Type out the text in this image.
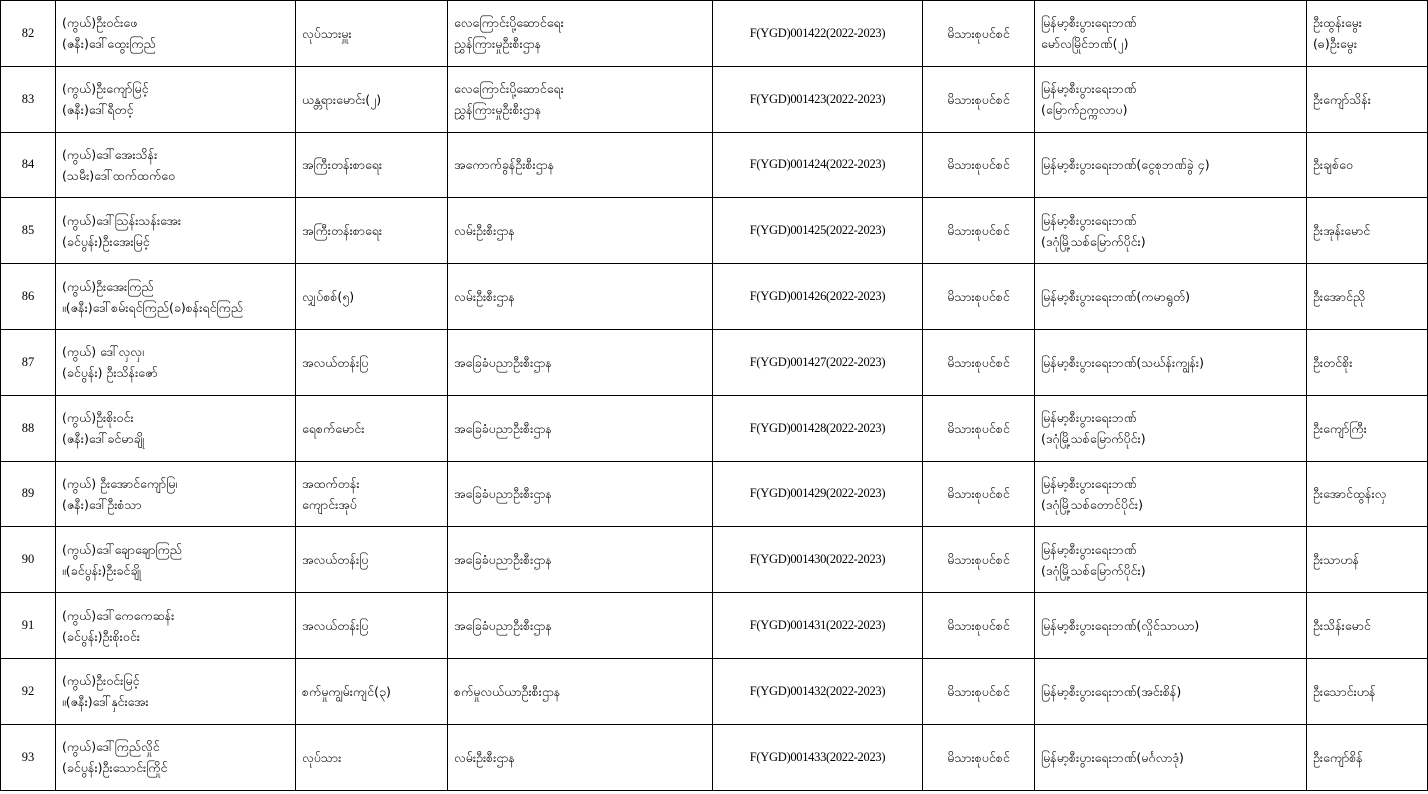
82	(ကွယ်)ဦးဝင်းဖေ
(ဇနီး)ဒေါ်ထွေးကြည်	လုပ်သားမှူး	လေကြောင်းပို့ဆောင်ရေး
ညွှန်ကြားမှုဦးစီးဌာန	F(YGD)001422(2022-2023)	မိသားစုပင်စင်	မြန်မာ့စီးပွားရေးဘဏ်
မော်လမြိုင်ဘဏ်(၂)	ဦးထွန်းမွေး
(ဓ)ဦးမွေး

83	(ကွယ်)ဦးကျော်မြင့်
(ဇနီး)ဒေါ်ရီတင့်	ယန္တရားမောင်း(၂)	လေကြောင်းပို့ဆောင်ရေး
ညွှန်ကြားမှုဦးစီးဌာန	F(YGD)001423(2022-2023)	မိသားစုပင်စင်	မြန်မာ့စီးပွားရေးဘဏ်
(မြောက်ဥက္ကလာပ)	ဦးကျော်သိန်း

84	(ကွယ်)ဒေါ်အေးသိန်း
(သမီး)ဒေါ်ထက်ထက်ဝေ	အကြီးတန်းစာရေး	အကောက်ခွန်ဦးစီးဌာန	F(YGD)001424(2022-2023)	မိသားစုပင်စင်	မြန်မာ့စီးပွားရေးဘဏ်(ငွေစုဘဏ်ခွဲ ၄)	ဦးချစ်ဝေ

85	(ကွယ်)ဒေါ်သြန်းသန်းအေး
(ခင်ပွန်း)ဦးအေးမြင့်	အကြီးတန်းစာရေး	လမ်းဦးစီးဌာန	F(YGD)001425(2022-2023)	မိသားစုပင်စင်	မြန်မာ့စီးပွားရေးဘဏ်
(ဒဂုံမြို့သစ်မြောက်ပိုင်း)	ဦးအုန်းမောင်

86	(ကွယ်)ဦးအေးကြည်
။(ဇနီး)ဒေါ်စမ်းရင်ကြည်(ခ)စန်းရင်ကြည်	လျှပ်စစ်(၅)	လမ်းဦးစီးဌာန	F(YGD)001426(2022-2023)	မိသားစုပင်စင်	မြန်မာ့စီးပွားရေးဘဏ်(ကမာရွတ်)	ဦးအောင်ညို

87	(ကွယ်) ဒေါ်လှလှ၊
(ခင်ပွန်း) ဦးသိန်းဇော်	အလယ်တန်းပြ	အခြေခံပညာဦးစီးဌာန	F(YGD)001427(2022-2023)	မိသားစုပင်စင်	မြန်မာ့စီးပွားရေးဘဏ်(သဃ်န်းကျွန်း)	ဦးတင်စိုး

88	(ကွယ်)ဦးစိုးဝင်း
(ဇနီး)ဒေါ်ခင်မာချို	ရေစက်မောင်း	အခြေခံပညာဦးစီးဌာန	F(YGD)001428(2022-2023)	မိသားစုပင်စင်	မြန်မာ့စီးပွားရေးဘဏ်
(ဒဂုံမြို့သစ်မြောက်ပိုင်း)	ဦးကျော်ကြီး

89	(ကွယ်) ဦးအောင်ကျော်မြ၊
(ဇနီး)ဒေါ်ဦးစံသာ	အထက်တန်း
ကျောင်းအုပ်	အခြေခံပညာဦးစီးဌာန	F(YGD)001429(2022-2023)	မိသားစုပင်စင်	မြန်မာ့စီးပွားရေးဘဏ်
(ဒဂုံမြို့သစ်တောင်ပိုင်း)	ဦးအောင်ထွန်းလှ

90	(ကွယ်)ဒေါ်ချောချောကြည်
။(ခင်ပွန်း)ဦးခင်ချို	အလယ်တန်းပြ	အခြေခံပညာဦးစီးဌာန	F(YGD)001430(2022-2023)	မိသားစုပင်စင်	မြန်မာ့စီးပွားရေးဘဏ်
(ဒဂုံမြို့သစ်မြောက်ပိုင်း)	ဦးသာဟန်

91	(ကွယ်)ဒေါ်ကေကေဆန်း
(ခင်ပွန်း)ဦးစိုးဝင်း	အလယ်တန်းပြ	အခြေခံပညာဦးစီးဌာန	F(YGD)001431(2022-2023)	မိသားစုပင်စင်	မြန်မာ့စီးပွားရေးဘဏ်(လှိုင်သာယာ)	ဦးသိန်းမောင်

92	(ကွယ်)ဦးဝင်းမြင့်
။(ဇနီး)ဒေါ်နှင်းအေး	စက်မှုကျွမ်းကျင်(၃)	စက်မှုလယ်ယာဦးစီးဌာန	F(YGD)001432(2022-2023)	မိသားစုပင်စင်	မြန်မာ့စီးပွားရေးဘဏ်(အင်းစိန်)	ဦးသောင်းဟန်

93	(ကွယ်)ဒေါ်ကြည်လှိုင်
(ခင်ပွန်း)ဦးသောင်းကြိုင်	လုပ်သား	လမ်းဦးစီးဌာန	F(YGD)001433(2022-2023)	မိသားစုပင်စင်	မြန်မာ့စီးပွားရေးဘဏ်(မင်္ဂလာဒုံ)	ဦးကျော်စိန်
